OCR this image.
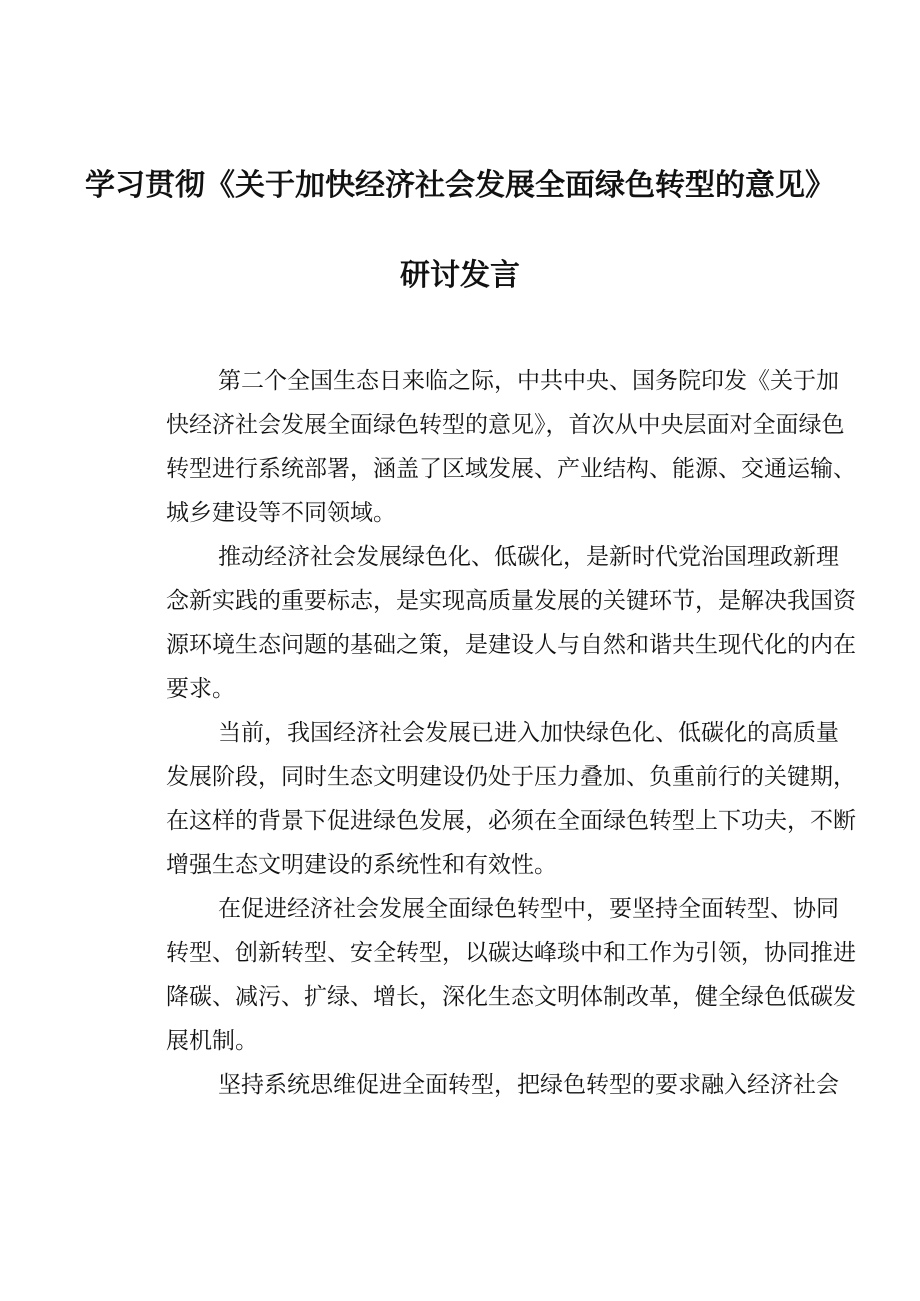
学习贯彻《关于加快经济社会发展全面绿色转型的意见》
研讨发言
第二个全国生态日来临之际，中共中央、国务院印发《关于加
快经济社会发展全面绿色转型的意见》，首次从中央层面对全面绿色
转型进行系统部署，涵盖了区域发展、产业结构、能源、交通运输、
城乡建设等不同领域。
推动经济社会发展绿色化、低碳化，是新时代党治国理政新理
念新实践的重要标志，是实现高质量发展的关键环节，是解决我国资
源环境生态问题的基础之策，是建设人与自然和谐共生现代化的内在
要求。
当前，我国经济社会发展已进入加快绿色化、低碳化的高质量
发展阶段，同时生态文明建设仍处于压力叠加、负重前行的关键期，
在这样的背景下促进绿色发展，必须在全面绿色转型上下功夫，不断
增强生态文明建设的系统性和有效性。
在促进经济社会发展全面绿色转型中，要坚持全面转型、协同
转型、创新转型、安全转型，以碳达峰琰中和工作为引领，协同推进
降碳、减污、扩绿、增长，深化生态文明体制改革，健全绿色低碳发
展机制。
坚持系统思维促进全面转型，把绿色转型的要求融入经济社会
